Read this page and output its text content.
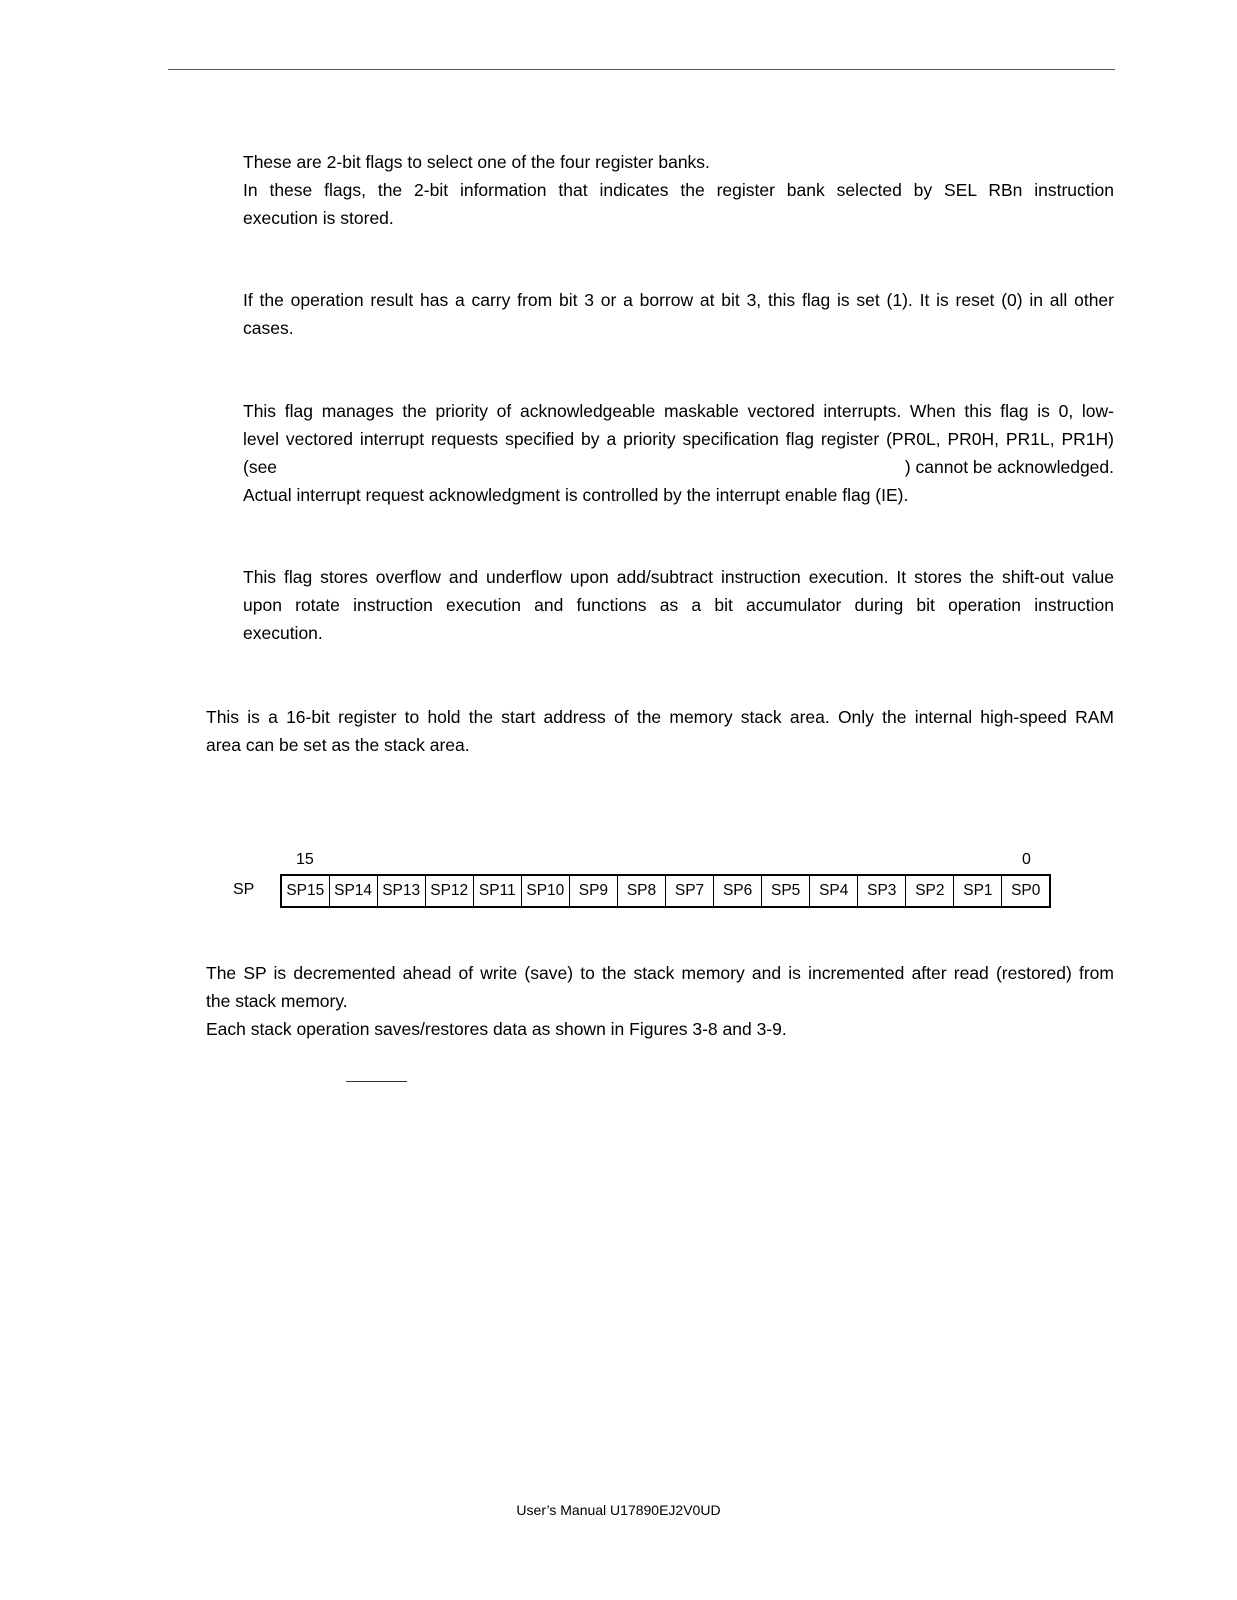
These are 2-bit flags to select one of the four register banks.
In these flags, the 2-bit information that indicates the register bank selected by SEL RBn instruction
execution is stored.
If the operation result has a carry from bit 3 or a borrow at bit 3, this flag is set (1). It is reset (0) in all other
cases.
This flag manages the priority of acknowledgeable maskable vectored interrupts. When this flag is 0, low-
level vectored interrupt requests specified by a priority specification flag register (PR0L, PR0H, PR1L, PR1H)
(see	) cannot be acknowledged.
Actual interrupt request acknowledgment is controlled by the interrupt enable flag (IE).
This flag stores overflow and underflow upon add/subtract instruction execution. It stores the shift-out value
upon rotate instruction execution and functions as a bit accumulator during bit operation instruction
execution.
This is a 16-bit register to hold the start address of the memory stack area. Only the internal high-speed RAM
area can be set as the stack area.
15	0
SP SP15	SP14	SP13	SP12	SP11	SP10	SP9	SP8	SP7	SP6	SP5	SP4	SP3	SP2	SP1	SP0
The SP is decremented ahead of write (save) to the stack memory and is incremented after read (restored) from
the stack memory.
Each stack operation saves/restores data as shown in Figures 3-8 and 3-9.
User’s Manual U17890EJ2V0UD
